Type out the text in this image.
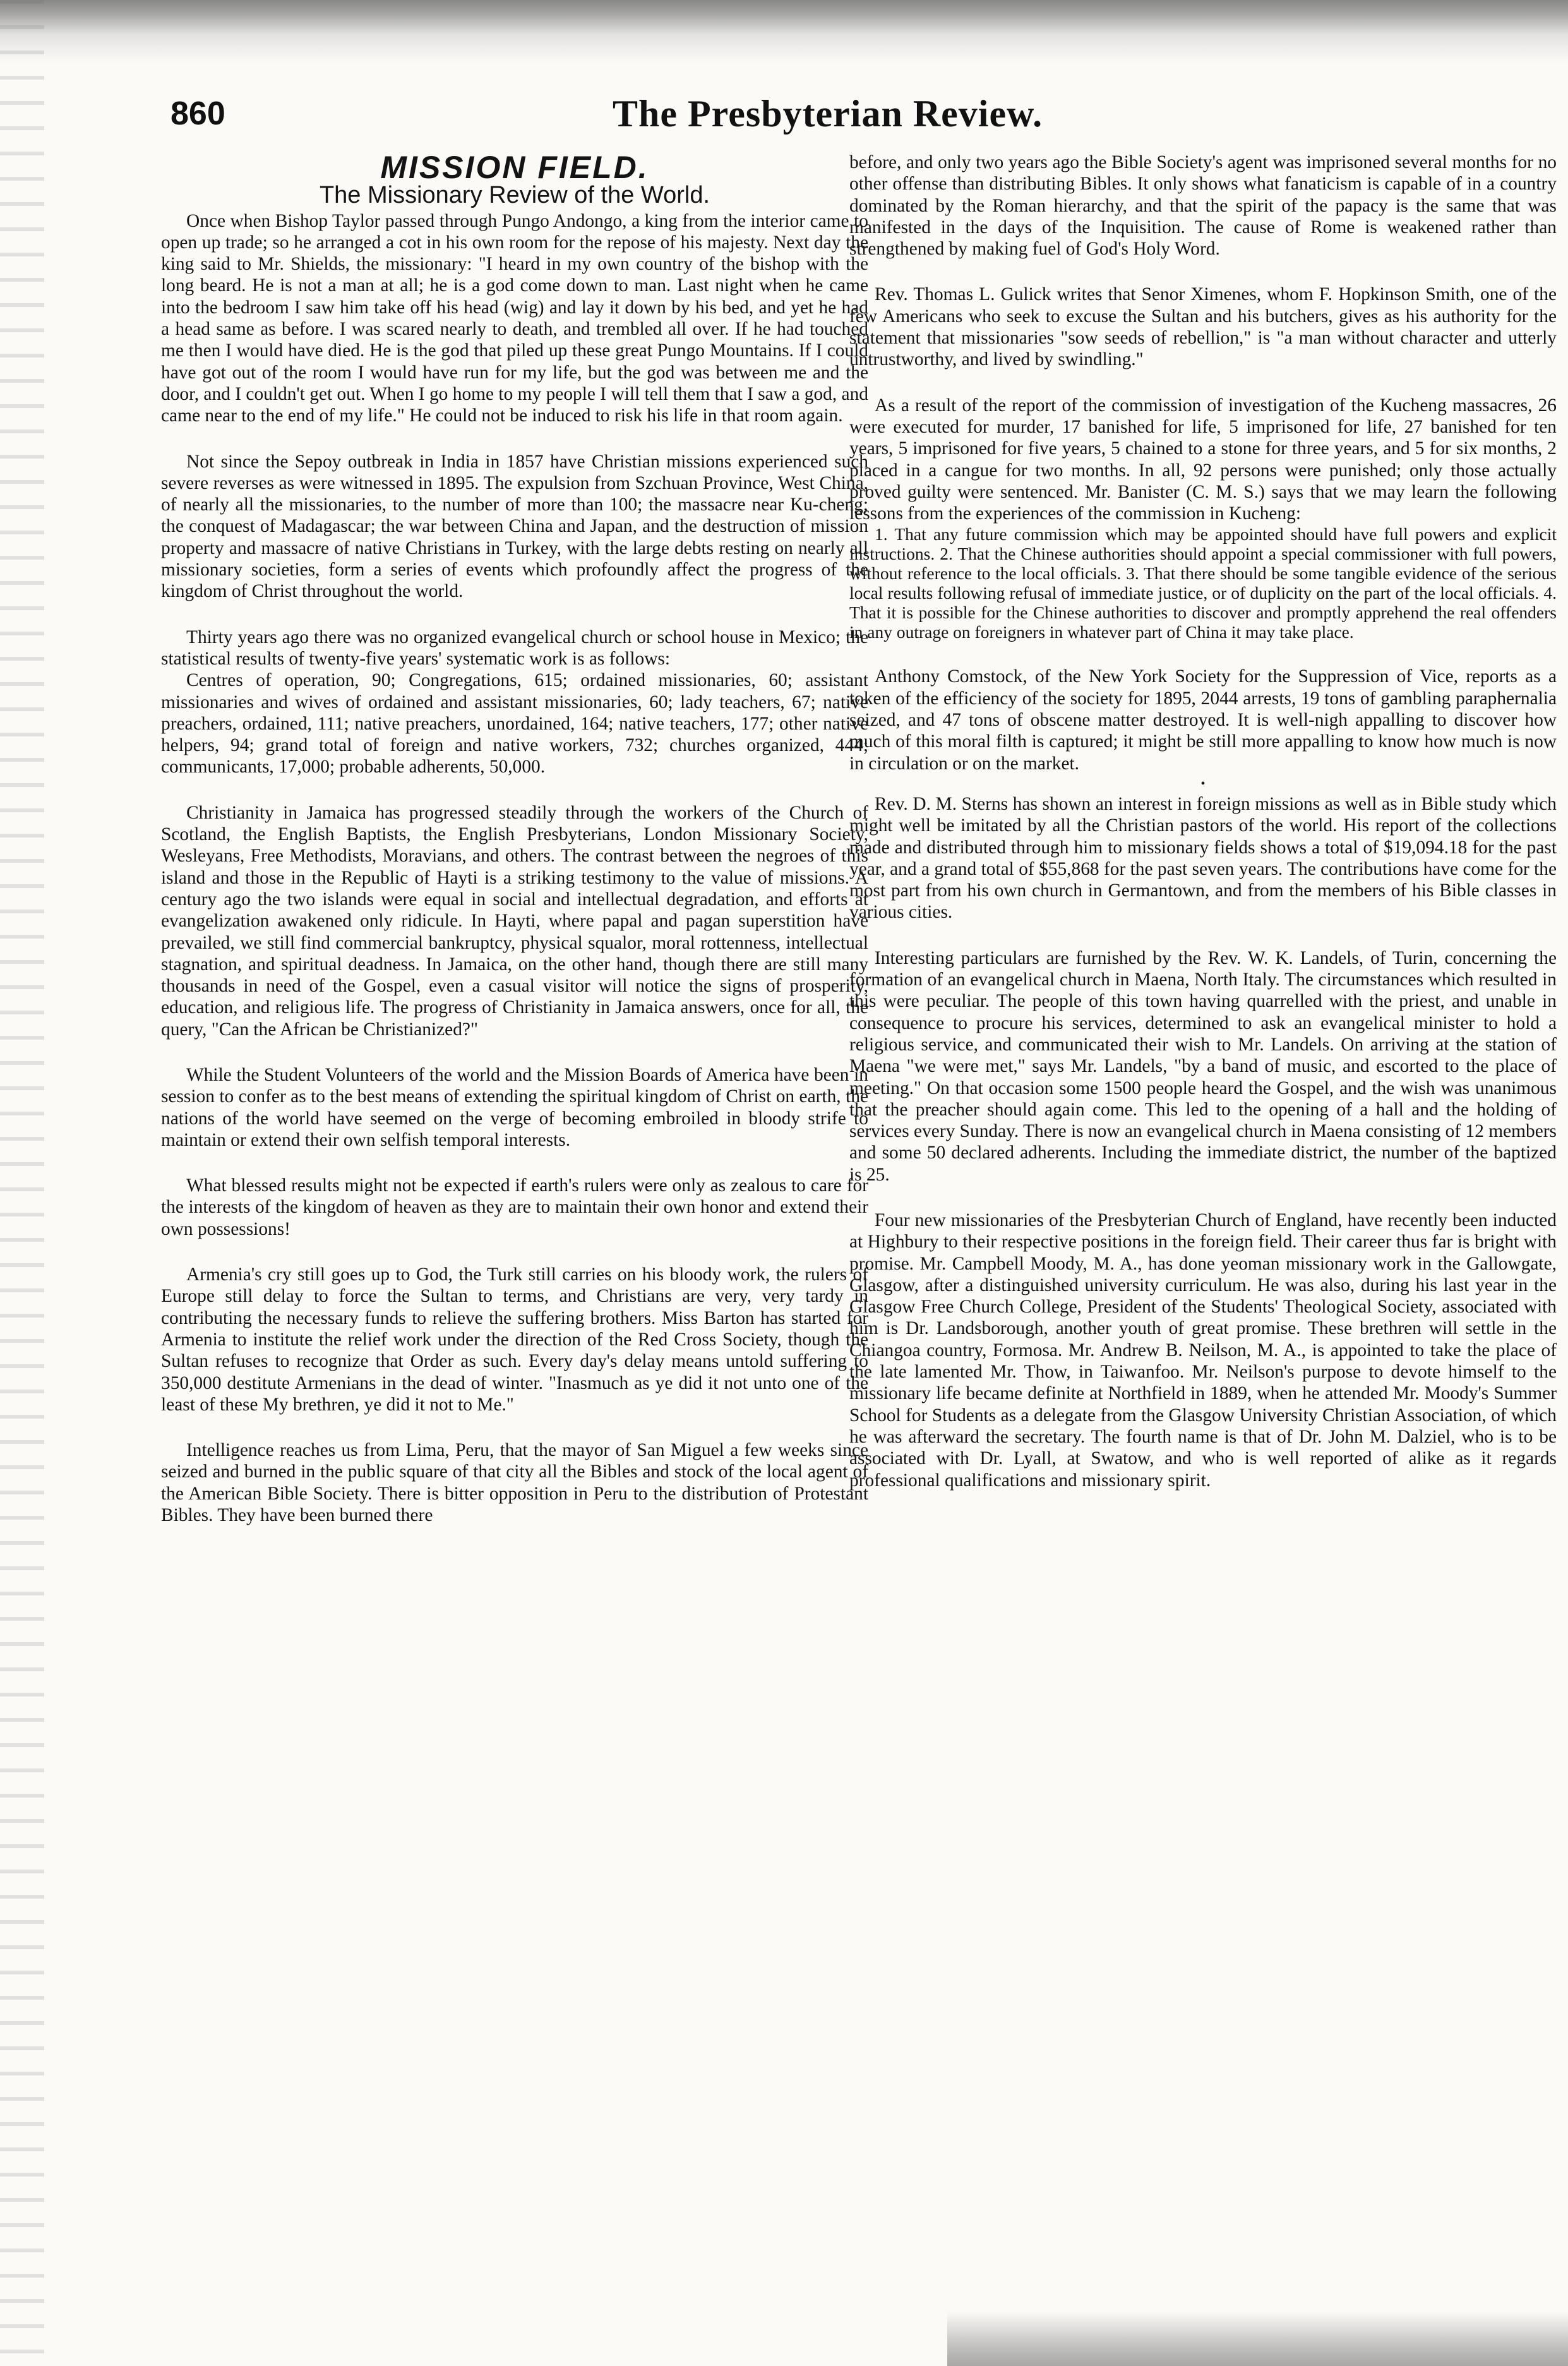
860	The Presbyterian Review.
MISSION FIELD.
The Missionary Review of the World.

Once when Bishop Taylor passed through Pungo Andongo, a king from the interior came to open up trade; so he arranged a cot in his own room for the repose of his majesty. Next day the king said to Mr. Shields, the missionary: "I heard in my own country of the bishop with the long beard. He is not a man at all; he is a god come down to man. Last night when he came into the bedroom I saw him take off his head (wig) and lay it down by his bed, and yet he had a head same as before. I was scared nearly to death, and trembled all over. If he had touched me then I would have died. He is the god that piled up these great Pungo Mountains. If I could have got out of the room I would have run for my life, but the god was between me and the door, and I couldn't get out. When I go home to my people I will tell them that I saw a god, and came near to the end of my life." He could not be induced to risk his life in that room again.

Not since the Sepoy outbreak in India in 1857 have Christian missions experienced such severe reverses as were witnessed in 1895. The expulsion from Szchuan Province, West China, of nearly all the missionaries, to the number of more than 100; the massacre near Ku-cheng; the conquest of Madagascar; the war between China and Japan, and the destruction of mission property and massacre of native Christians in Turkey, with the large debts resting on nearly all missionary societies, form a series of events which profoundly affect the progress of the kingdom of Christ throughout the world.

Thirty years ago there was no organized evangelical church or school house in Mexico; the statistical results of twenty-five years' systematic work is as follows:

Centres of operation, 90; Congregations, 615; ordained missionaries, 60; assistant missionaries and wives of ordained and assistant missionaries, 60; lady teachers, 67; native preachers, ordained, 111; native preachers, unordained, 164; native teachers, 177; other native helpers, 94; grand total of foreign and native workers, 732; churches organized, 444; communicants, 17,000; probable adherents, 50,000.

Christianity in Jamaica has progressed steadily through the workers of the Church of Scotland, the English Baptists, the English Presbyterians, London Missionary Society, Wesleyans, Free Methodists, Moravians, and others. The contrast between the negroes of this island and those in the Republic of Hayti is a striking testimony to the value of missions. A century ago the two islands were equal in social and intellectual degradation, and efforts at evangelization awakened only ridicule. In Hayti, where papal and pagan superstition have prevailed, we still find commercial bankruptcy, physical squalor, moral rottenness, intellectual stagnation, and spiritual deadness. In Jamaica, on the other hand, though there are still many thousands in need of the Gospel, even a casual visitor will notice the signs of prosperity, education, and religious life. The progress of Christianity in Jamaica answers, once for all, the query, "Can the African be Christianized?"

While the Student Volunteers of the world and the Mission Boards of America have been in session to confer as to the best means of extending the spiritual kingdom of Christ on earth, the nations of the world have seemed on the verge of becoming embroiled in bloody strife to maintain or extend their own selfish temporal interests.

What blessed results might not be expected if earth's rulers were only as zealous to care for the interests of the kingdom of heaven as they are to maintain their own honor and extend their own possessions!

Armenia's cry still goes up to God, the Turk still carries on his bloody work, the rulers of Europe still delay to force the Sultan to terms, and Christians are very, very tardy in contributing the necessary funds to relieve the suffering brothers. Miss Barton has started for Armenia to institute the relief work under the direction of the Red Cross Society, though the Sultan refuses to recognize that Order as such. Every day's delay means untold suffering to 350,000 destitute Armenians in the dead of winter. "Inasmuch as ye did it not unto one of the least of these My brethren, ye did it not to Me."

Intelligence reaches us from Lima, Peru, that the mayor of San Miguel a few weeks since seized and burned in the public square of that city all the Bibles and stock of the local agent of the American Bible Society. There is bitter opposition in Peru to the distribution of Protestant Bibles. They have been burned there

before, and only two years ago the Bible Society's agent was imprisoned several months for no other offense than distributing Bibles. It only shows what fanaticism is capable of in a country dominated by the Roman hierarchy, and that the spirit of the papacy is the same that was manifested in the days of the Inquisition. The cause of Rome is weakened rather than strengthened by making fuel of God's Holy Word.

Rev. Thomas L. Gulick writes that Senor Ximenes, whom F. Hopkinson Smith, one of the few Americans who seek to excuse the Sultan and his butchers, gives as his authority for the statement that missionaries "sow seeds of rebellion," is "a man without character and utterly untrustworthy, and lived by swindling."

As a result of the report of the commission of investigation of the Kucheng massacres, 26 were executed for murder, 17 banished for life, 5 imprisoned for life, 27 banished for ten years, 5 imprisoned for five years, 5 chained to a stone for three years, and 5 for six months, 2 placed in a cangue for two months. In all, 92 persons were punished; only those actually proved guilty were sentenced. Mr. Banister (C. M. S.) says that we may learn the following lessons from the experiences of the commission in Kucheng:

1. That any future commission which may be appointed should have full powers and explicit instructions. 2. That the Chinese authorities should appoint a special commissioner with full powers, without reference to the local officials. 3. That there should be some tangible evidence of the serious local results following refusal of immediate justice, or of duplicity on the part of the local officials. 4. That it is possible for the Chinese authorities to discover and promptly apprehend the real offenders in any outrage on foreigners in whatever part of China it may take place.

Anthony Comstock, of the New York Society for the Suppression of Vice, reports as a token of the efficiency of the society for 1895, 2044 arrests, 19 tons of gambling paraphernalia seized, and 47 tons of obscene matter destroyed. It is well-nigh appalling to discover how much of this moral filth is captured; it might be still more appalling to know how much is now in circulation or on the market.

•

Rev. D. M. Sterns has shown an interest in foreign missions as well as in Bible study which might well be imitated by all the Christian pastors of the world. His report of the collections made and distributed through him to missionary fields shows a total of $19,094.18 for the past year, and a grand total of $55,868 for the past seven years. The contributions have come for the most part from his own church in Germantown, and from the members of his Bible classes in various cities.

Interesting particulars are furnished by the Rev. W. K. Landels, of Turin, concerning the formation of an evangelical church in Maena, North Italy. The circumstances which resulted in this were peculiar. The people of this town having quarrelled with the priest, and unable in consequence to procure his services, determined to ask an evangelical minister to hold a religious service, and communicated their wish to Mr. Landels. On arriving at the station of Maena "we were met," says Mr. Landels, "by a band of music, and escorted to the place of meeting." On that occasion some 1500 people heard the Gospel, and the wish was unanimous that the preacher should again come. This led to the opening of a hall and the holding of services every Sunday. There is now an evangelical church in Maena consisting of 12 members and some 50 declared adherents. Including the immediate district, the number of the baptized is 25.

Four new missionaries of the Presbyterian Church of England, have recently been inducted at Highbury to their respective positions in the foreign field. Their career thus far is bright with promise. Mr. Campbell Moody, M. A., has done yeoman missionary work in the Gallowgate, Glasgow, after a distinguished university curriculum. He was also, during his last year in the Glasgow Free Church College, President of the Students' Theological Society, associated with him is Dr. Landsborough, another youth of great promise. These brethren will settle in the Chiangoa country, Formosa. Mr. Andrew B. Neilson, M. A., is appointed to take the place of the late lamented Mr. Thow, in Taiwanfoo. Mr. Neilson's purpose to devote himself to the missionary life became definite at Northfield in 1889, when he attended Mr. Moody's Summer School for Students as a delegate from the Glasgow University Christian Association, of which he was afterward the secretary. The fourth name is that of Dr. John M. Dalziel, who is to be associated with Dr. Lyall, at Swatow, and who is well reported of alike as it regards professional qualifications and missionary spirit.
